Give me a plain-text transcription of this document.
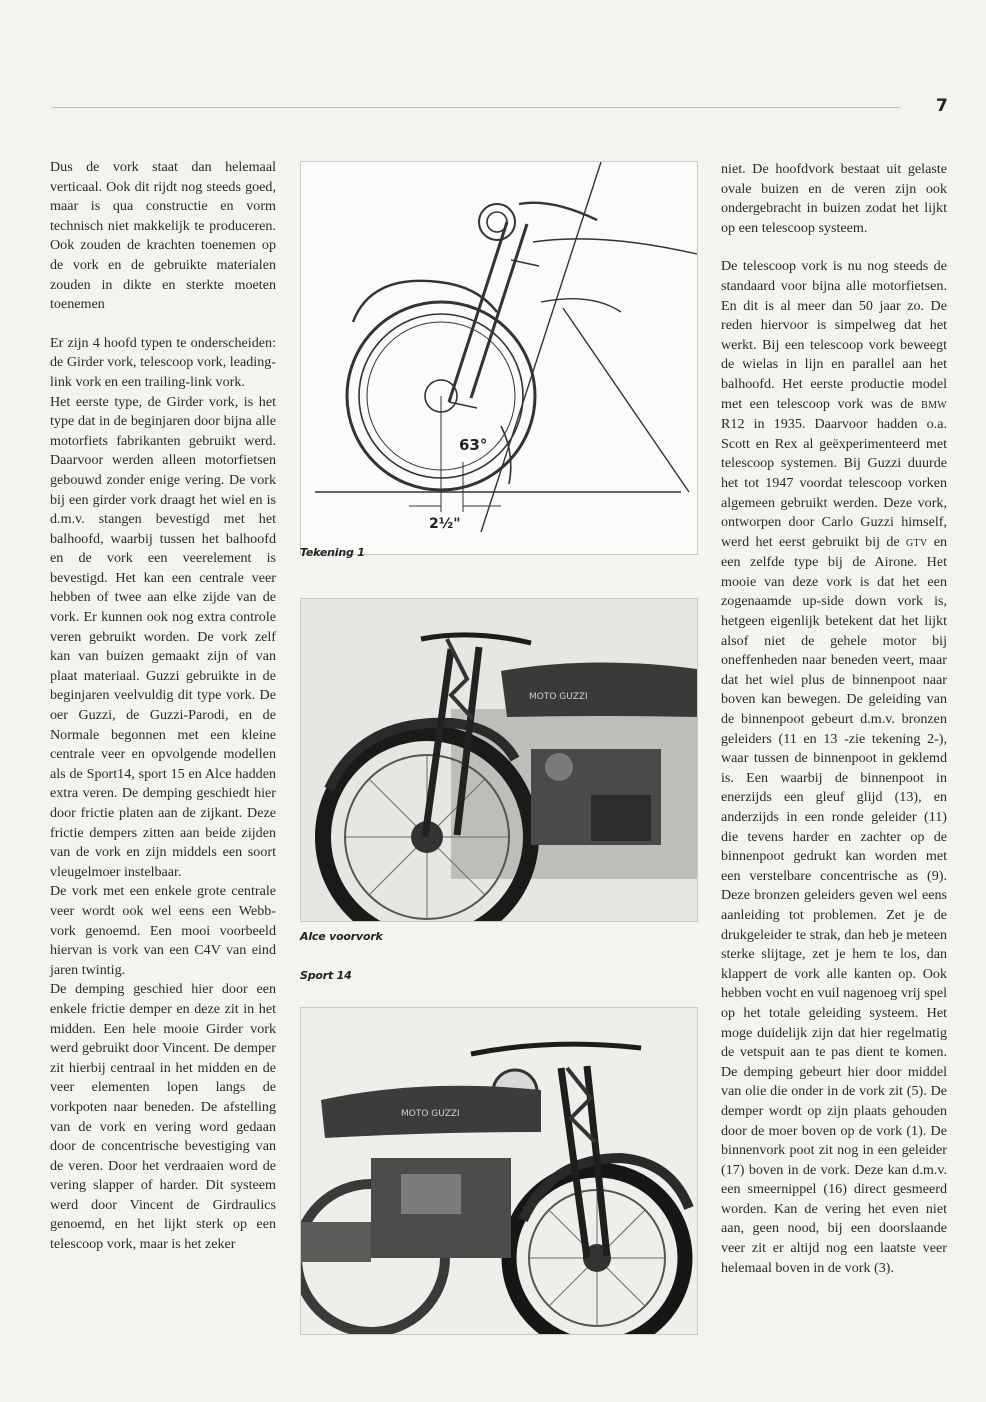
7

Dus de vork staat dan helemaal verticaal. Ook dit rijdt nog steeds goed, maar is qua constructie en vorm technisch niet makkelijk te produceren. Ook zouden de krachten toenemen op de vork en de gebruikte materialen zouden in dikte en sterkte moeten toenemen

Er zijn 4 hoofd typen te onderscheiden: de Girder vork, telescoop vork, leading-link vork en een trailing-link vork.

Het eerste type, de Girder vork, is het type dat in de beginjaren door bijna alle motorfiets fabrikanten gebruikt werd. Daarvoor werden alleen motorfietsen gebouwd zonder enige vering. De vork bij een girder vork draagt het wiel en is d.m.v. stangen bevestigd met het balhoofd, waarbij tussen het balhoofd en de vork een veerelement is bevestigd. Het kan een centrale veer hebben of twee aan elke zijde van de vork. Er kunnen ook nog extra controle veren gebruikt worden. De vork zelf kan van buizen gemaakt zijn of van plaat materiaal. Guzzi gebruikte in de beginjaren veelvuldig dit type vork. De oer Guzzi, de Guzzi-Parodi, en de Normale begonnen met een kleine centrale veer en opvolgende modellen als de Sport14, sport 15 en Alce hadden extra veren. De demping geschiedt hier door frictie platen aan de zijkant. Deze frictie dempers zitten aan beide zijden van de vork en zijn middels een soort vleugelmoer instelbaar.

De vork met een enkele grote centrale veer wordt ook wel eens een Webb-vork genoemd. Een mooi voorbeeld hiervan is vork van een C4V van eind jaren twintig.

De demping geschied hier door een enkele frictie demper en deze zit in het midden. Een hele mooie Girder vork werd gebruikt door Vincent. De demper zit hierbij centraal in het midden en de veer elementen lopen langs de vorkpoten naar beneden. De afstelling van de vork en vering word gedaan door de concentrische bevestiging van de veren. Door het verdraaien word de vering slapper of harder. Dit systeem werd door Vincent de Girdraulics genoemd, en het lijkt sterk op een telescoop vork, maar is het zeker

niet. De hoofdvork bestaat uit gelaste ovale buizen en de veren zijn ook ondergebracht in buizen zodat het lijkt op een telescoop systeem.

De telescoop vork is nu nog steeds de standaard voor bijna alle motorfietsen. En dit is al meer dan 50 jaar zo. De reden hiervoor is simpelweg dat het werkt. Bij een telescoop vork beweegt de wielas in lijn en parallel aan het balhoofd. Het eerste productie model met een telescoop vork was de BMW R12 in 1935. Daarvoor hadden o.a. Scott en Rex al geëxperimenteerd met telescoop systemen. Bij Guzzi duurde het tot 1947 voordat telescoop vorken algemeen gebruikt werden. Deze vork, ontworpen door Carlo Guzzi himself, werd het eerst gebruikt bij de GTV en een zelfde type bij de Airone. Het mooie van deze vork is dat het een zogenaamde up-side down vork is, hetgeen eigenlijk betekent dat het lijkt alsof niet de gehele motor bij oneffenheden naar beneden veert, maar dat het wiel plus de binnenpoot naar boven kan bewegen. De geleiding van de binnenpoot gebeurt d.m.v. bronzen geleiders (11 en 13 -zie tekening 2-), waar tussen de binnenpoot in geklemd is. Een waarbij de binnenpoot in enerzijds een gleuf glijd (13), en anderzijds in een ronde geleider (11) die tevens harder en zachter op de binnenpoot gedrukt kan worden met een verstelbare concentrische as (9). Deze bronzen geleiders geven wel eens aanleiding tot problemen. Zet je de drukgeleider te strak, dan heb je meteen sterke slijtage, zet je hem te los, dan klappert de vork alle kanten op. Ook hebben vocht en vuil nagenoeg vrij spel op het totale geleiding systeem. Het moge duidelijk zijn dat hier regelmatig de vetspuit aan te pas dient te komen. De demping gebeurt hier door middel van olie die onder in de vork zit (5). De demper wordt op zijn plaats gehouden door de moer boven op de vork (1). De binnenvork poot zit nog in een geleider (17) boven in de vork. Deze kan d.m.v. een smeernippel (16) direct gesmeerd worden. Kan de vering het even niet aan, geen nood, bij een doorslaande veer zit er altijd nog een laatste veer helemaal boven in de vork (3).

63°
2½"
Tekening 1
MOTO GUZZI
Alce voorvork
Sport 14
MOTO GUZZI
